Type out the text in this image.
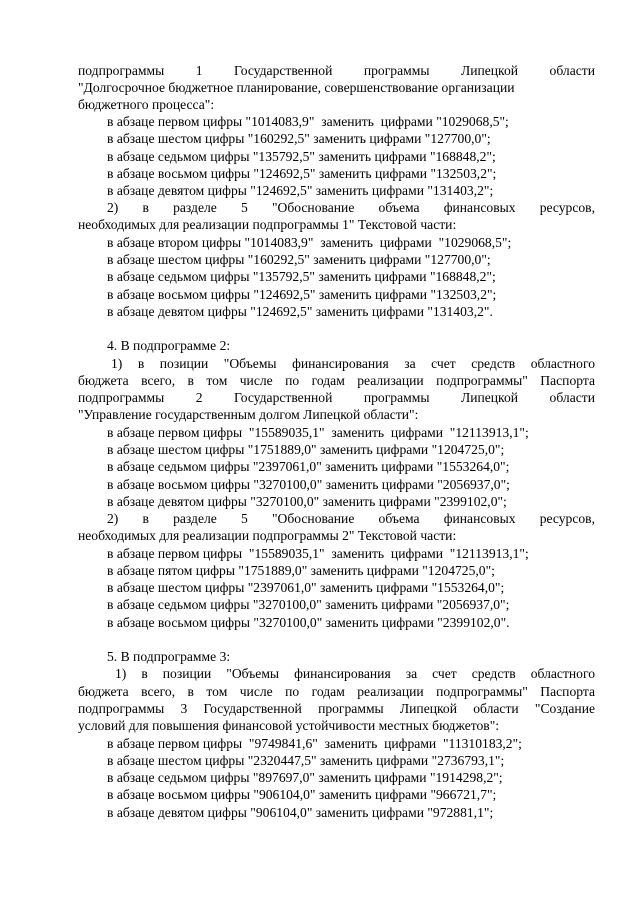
подпрограммы 1 Государственной программы Липецкой области
"Долгосрочное бюджетное планирование, совершенствование организации
бюджетного процесса":
в абзаце первом цифры "1014083,9"  заменить  цифрами "1029068,5";
в абзаце шестом цифры "160292,5" заменить цифрами "127700,0";
в абзаце седьмом цифры "135792,5" заменить цифрами "168848,2";
в абзаце восьмом цифры "124692,5" заменить цифрами "132503,2";
в абзаце девятом цифры "124692,5" заменить цифрами "131403,2";
2) в разделе 5 "Обоснование объема финансовых ресурсов,
необходимых для реализации подпрограммы 1" Текстовой части:
в абзаце втором цифры "1014083,9"  заменить  цифрами  "1029068,5";
в абзаце шестом цифры "160292,5" заменить цифрами "127700,0";
в абзаце седьмом цифры "135792,5" заменить цифрами "168848,2";
в абзаце восьмом цифры "124692,5" заменить цифрами "132503,2";
в абзаце девятом цифры "124692,5" заменить цифрами "131403,2".
4. В подпрограмме 2:
1) в позиции "Объемы финансирования за счет средств областного
бюджета всего, в том числе по годам реализации подпрограммы" Паспорта
подпрограммы 2 Государственной программы Липецкой области
"Управление государственным долгом Липецкой области":
в абзаце первом цифры  "15589035,1"  заменить  цифрами  "12113913,1";
в абзаце шестом цифры "1751889,0" заменить цифрами "1204725,0";
в абзаце седьмом цифры "2397061,0" заменить цифрами "1553264,0";
в абзаце восьмом цифры "3270100,0" заменить цифрами "2056937,0";
в абзаце девятом цифры "3270100,0" заменить цифрами "2399102,0";
2) в разделе 5 "Обоснование объема финансовых ресурсов,
необходимых для реализации подпрограммы 2" Текстовой части:
в абзаце первом цифры  "15589035,1"  заменить  цифрами  "12113913,1";
в абзаце пятом цифры "1751889,0" заменить цифрами "1204725,0";
в абзаце шестом цифры "2397061,0" заменить цифрами "1553264,0";
в абзаце седьмом цифры "3270100,0" заменить цифрами "2056937,0";
в абзаце восьмом цифры "3270100,0" заменить цифрами "2399102,0".
5. В подпрограмме 3:
1) в позиции "Объемы финансирования за счет средств областного
бюджета всего, в том числе по годам реализации подпрограммы" Паспорта
подпрограммы 3 Государственной программы Липецкой области "Создание
условий для повышения финансовой устойчивости местных бюджетов":
в абзаце первом цифры  "9749841,6"  заменить  цифрами  "11310183,2";
в абзаце шестом цифры "2320447,5" заменить цифрами "2736793,1";
в абзаце седьмом цифры "897697,0" заменить цифрами "1914298,2";
в абзаце восьмом цифры "906104,0" заменить цифрами "966721,7";
в абзаце девятом цифры "906104,0" заменить цифрами "972881,1";
